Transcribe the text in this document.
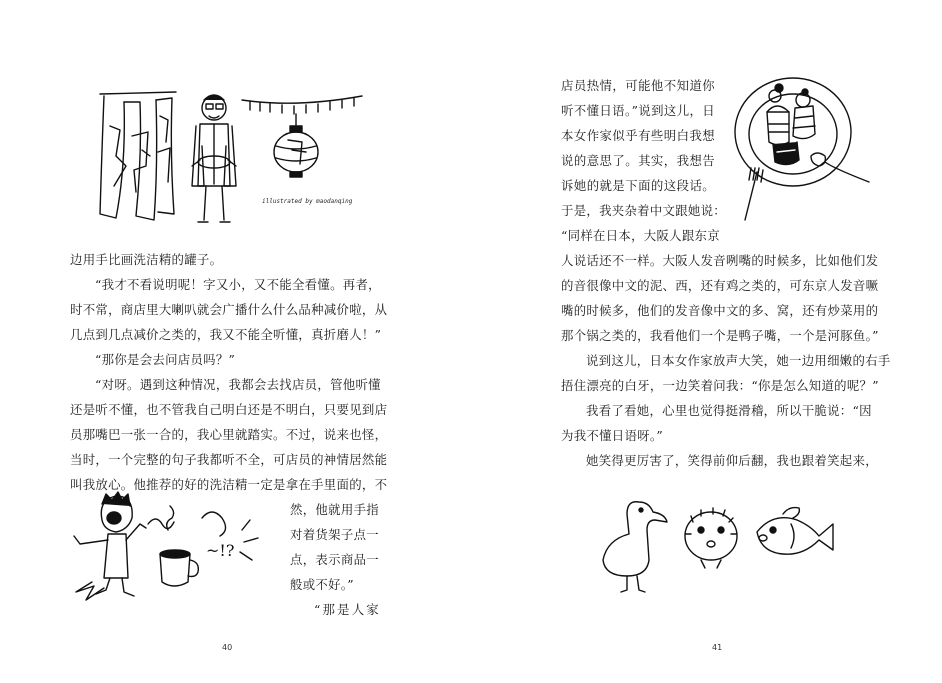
illustrated by maodanqing
边用手比画洗洁精的罐子。
“我才不看说明呢！字又小，又不能全看懂。再者，
时不常，商店里大喇叭就会广播什么什么品种减价啦，从
几点到几点减价之类的，我又不能全听懂，真折磨人！”
“那你是会去问店员吗？”
“对呀。遇到这种情况，我都会去找店员，管他听懂
还是听不懂，也不管我自己明白还是不明白，只要见到店
员那嘴巴一张一合的，我心里就踏实。不过，说来也怪，
当时，一个完整的句子我都听不全，可店员的神情居然能
叫我放心。他推荐的好的洗洁精一定是拿在手里面的，不
然，他就用手指
对着货架子点一
点，表示商品一
般或不好。”
“那是人家
~!?
40
店员热情，可能他不知道你
听不懂日语。”说到这儿，日
本女作家似乎有些明白我想
说的意思了。其实，我想告
诉她的就是下面的这段话。
于是，我夹杂着中文跟她说：
“同样在日本，大阪人跟东京
人说话还不一样。大阪人发音咧嘴的时候多，比如他们发
的音很像中文的泥、西，还有鸡之类的，可东京人发音噘
嘴的时候多，他们的发音像中文的多、窝，还有炒菜用的
那个锅之类的，我看他们一个是鸭子嘴，一个是河豚鱼。”
说到这儿，日本女作家放声大笑，她一边用细嫩的右手
捂住漂亮的白牙，一边笑着问我：“你是怎么知道的呢？”
我看了看她，心里也觉得挺滑稽，所以干脆说：“因
为我不懂日语呀。”
她笑得更厉害了，笑得前仰后翻，我也跟着笑起来，
41
